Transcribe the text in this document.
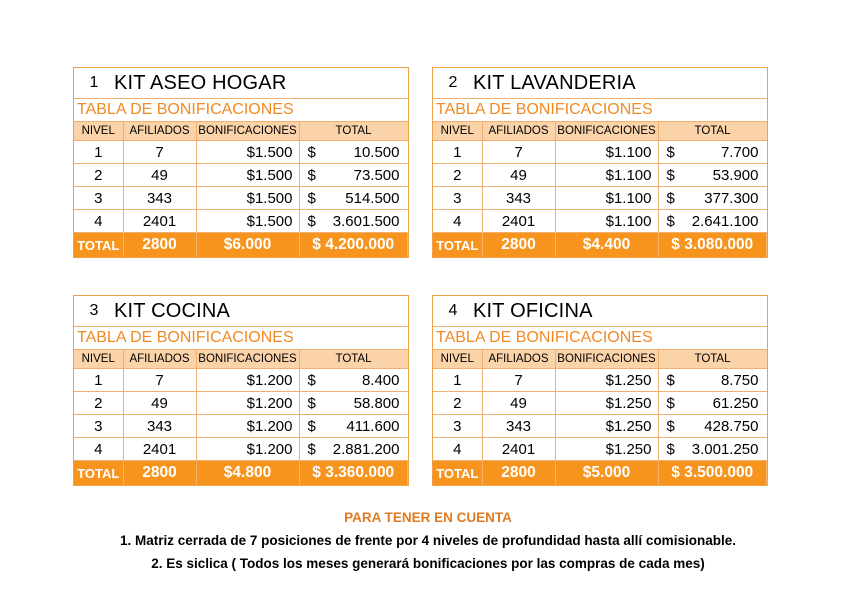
1 KIT ASEO HOGAR
TABLA DE BONIFICACIONES
NIVEL	AFILIADOS	BONIFICACIONES	TOTAL
1	7	$1.500	$ 10.500

2	49	$1.500	$ 73.500

3	343	$1.500	$ 514.500

4	2401	$1.500	$ 3.601.500

TOTAL	2800	$6.000	$ 4.200.000
2 KIT LAVANDERIA
TABLA DE BONIFICACIONES
NIVEL	AFILIADOS	BONIFICACIONES	TOTAL
1	7	$1.100	$ 7.700

2	49	$1.100	$ 53.900

3	343	$1.100	$ 377.300

4	2401	$1.100	$ 2.641.100

TOTAL	2800	$4.400	$ 3.080.000
3 KIT COCINA
TABLA DE BONIFICACIONES
NIVEL	AFILIADOS	BONIFICACIONES	TOTAL
1	7	$1.200	$ 8.400

2	49	$1.200	$ 58.800

3	343	$1.200	$ 411.600

4	2401	$1.200	$ 2.881.200

TOTAL	2800	$4.800	$ 3.360.000
4 KIT OFICINA
TABLA DE BONIFICACIONES
NIVEL	AFILIADOS	BONIFICACIONES	TOTAL
1	7	$1.250	$ 8.750

2	49	$1.250	$ 61.250

3	343	$1.250	$ 428.750

4	2401	$1.250	$ 3.001.250

TOTAL	2800	$5.000	$ 3.500.000
PARA TENER EN CUENTA
1. Matriz cerrada de 7 posiciones de frente por 4 niveles de profundidad hasta allí comisionable.
2. Es siclica ( Todos los meses generará bonificaciones por las compras de cada mes)
